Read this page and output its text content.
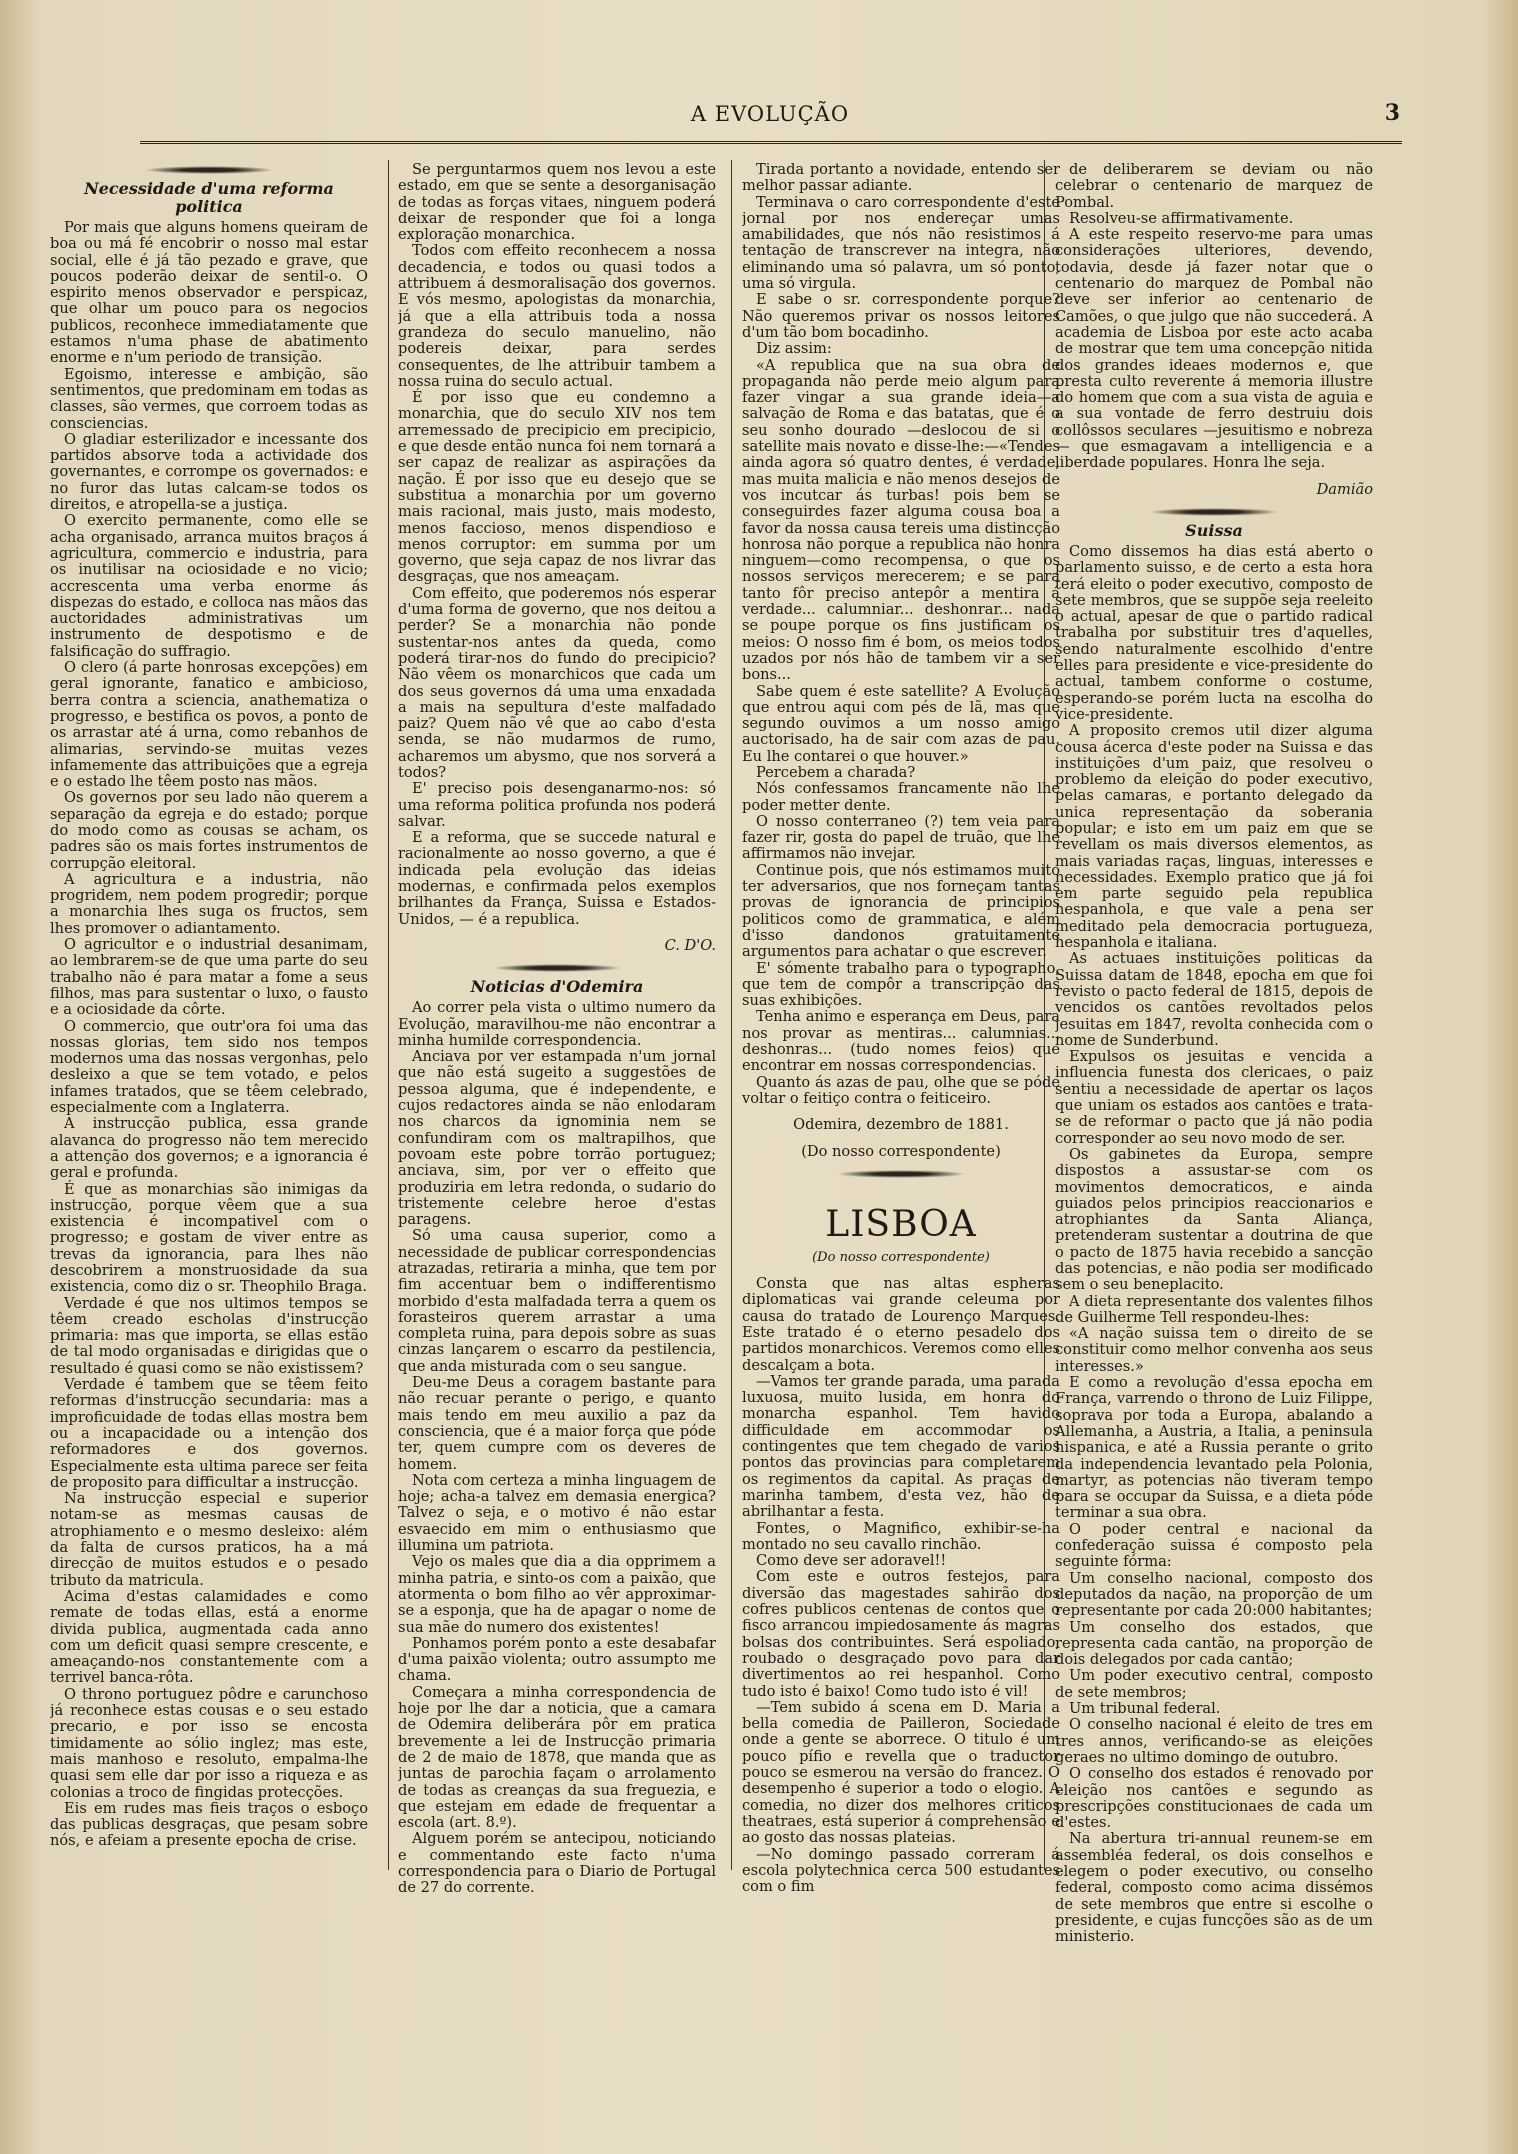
A EVOLUÇÃO	3
Necessidade d'uma reforma politica

Por mais que alguns homens queiram de boa ou má fé encobrir o nosso mal estar social, elle é já tão pezado e grave, que poucos poderão deixar de sentil-o. O espirito menos observador e perspicaz, que olhar um pouco para os negocios publicos, reconhece immediatamente que estamos n'uma phase de abatimento enorme e n'um periodo de transição.

Egoismo, interesse e ambição, são sentimentos, que predominam em todas as classes, são vermes, que corroem todas as consciencias.

O gladiar esterilizador e incessante dos partidos absorve toda a actividade dos governantes, e corrompe os governados: e no furor das lutas calcam-se todos os direitos, e atropella-se a justiça.

O exercito permanente, como elle se acha organisado, arranca muitos braços á agricultura, commercio e industria, para os inutilisar na ociosidade e no vicio; accrescenta uma verba enorme ás dispezas do estado, e colloca nas mãos das auctoridades administrativas um instrumento de despotismo e de falsificação do suffragio.

O clero (á parte honrosas excepções) em geral ignorante, fanatico e ambicioso, berra contra a sciencia, anathematiza o progresso, e bestifica os povos, a ponto de os arrastar até á urna, como rebanhos de alimarias, servindo-se muitas vezes infamemente das attribuições que a egreja e o estado lhe têem posto nas mãos.

Os governos por seu lado não querem a separação da egreja e do estado; porque do modo como as cousas se acham, os padres são os mais fortes instrumentos de corrupção eleitoral.

A agricultura e a industria, não progridem, nem podem progredir; porque a monarchia lhes suga os fructos, sem lhes promover o adiantamento.

O agricultor e o industrial desanimam, ao lembrarem-se de que uma parte do seu trabalho não é para matar a fome a seus filhos, mas para sustentar o luxo, o fausto e a ociosidade da côrte.

O commercio, que outr'ora foi uma das nossas glorias, tem sido nos tempos modernos uma das nossas vergonhas, pelo desleixo a que se tem votado, e pelos infames tratados, que se têem celebrado, especialmente com a Inglaterra.

A instrucção publica, essa grande alavanca do progresso não tem merecido a attenção dos governos; e a ignorancia é geral e profunda.

É que as monarchias são inimigas da instrucção, porque vêem que a sua existencia é incompativel com o progresso; e gostam de viver entre as trevas da ignorancia, para lhes não descobrirem a monstruosidade da sua existencia, como diz o sr. Theophilo Braga.

Verdade é que nos ultimos tempos se têem creado escholas d'instrucção primaria: mas que importa, se ellas estão de tal modo organisadas e dirigidas que o resultado é quasi como se não existissem?

Verdade é tambem que se têem feito reformas d'instrucção secundaria: mas a improficuidade de todas ellas mostra bem ou a incapacidade ou a intenção dos reformadores e dos governos. Especialmente esta ultima parece ser feita de proposito para difficultar a instrucção.

Na instrucção especial e superior notam-se as mesmas causas de atrophiamento e o mesmo desleixo: além da falta de cursos praticos, ha a má direcção de muitos estudos e o pesado tributo da matricula.

Acima d'estas calamidades e como remate de todas ellas, está a enorme divida publica, augmentada cada anno com um deficit quasi sempre crescente, e ameaçando-nos constantemente com a terrivel banca-rôta.

O throno portuguez pôdre e carunchoso já reconhece estas cousas e o seu estado precario, e por isso se encosta timidamente ao sólio inglez; mas este, mais manhoso e resoluto, empalma-lhe quasi sem elle dar por isso a riqueza e as colonias a troco de fingidas protecções.

Eis em rudes mas fieis traços o esboço das publicas desgraças, que pesam sobre nós, e afeiam a presente epocha de crise.

Se perguntarmos quem nos levou a este estado, em que se sente a desorganisação de todas as forças vitaes, ninguem poderá deixar de responder que foi a longa exploração monarchica.

Todos com effeito reconhecem a nossa decadencia, e todos ou quasi todos a attribuem á desmoralisação dos governos. E vós mesmo, apologistas da monarchia, já que a ella attribuis toda a nossa grandeza do seculo manuelino, não podereis deixar, para serdes consequentes, de lhe attribuir tambem a nossa ruina do seculo actual.

É por isso que eu condemno a monarchia, que do seculo XIV nos tem arremessado de precipicio em precipicio, e que desde então nunca foi nem tornará a ser capaz de realizar as aspirações da nação. É por isso que eu desejo que se substitua a monarchia por um governo mais racional, mais justo, mais modesto, menos faccioso, menos dispendioso e menos corruptor: em summa por um governo, que seja capaz de nos livrar das desgraças, que nos ameaçam.

Com effeito, que poderemos nós esperar d'uma forma de governo, que nos deitou a perder? Se a monarchia não ponde sustentar-nos antes da queda, como poderá tirar-nos do fundo do precipicio? Não vêem os monarchicos que cada um dos seus governos dá uma uma enxadada a mais na sepultura d'este malfadado paiz? Quem não vê que ao cabo d'esta senda, se não mudarmos de rumo, acharemos um abysmo, que nos sorverá a todos?

E' preciso pois desenganarmo-nos: só uma reforma politica profunda nos poderá salvar.

E a reforma, que se succede natural e racionalmente ao nosso governo, a que é indicada pela evolução das ideias modernas, e confirmada pelos exemplos brilhantes da França, Suissa e Estados-Unidos, — é a republica.

C. D'O.

Noticias d'Odemira

Ao correr pela vista o ultimo numero da Evolução, maravilhou-me não encontrar a minha humilde correspondencia.

Anciava por ver estampada n'um jornal que não está sugeito a suggestões de pessoa alguma, que é independente, e cujos redactores ainda se não enlodaram nos charcos da ignominia nem se confundiram com os maltrapilhos, que povoam este pobre torrão portuguez; anciava, sim, por ver o effeito que produziria em letra redonda, o sudario do tristemente celebre heroe d'estas paragens.

Só uma causa superior, como a necessidade de publicar correspondencias atrazadas, retiraria a minha, que tem por fim accentuar bem o indifferentismo morbido d'esta malfadada terra a quem os forasteiros querem arrastar a uma completa ruina, para depois sobre as suas cinzas lançarem o escarro da pestilencia, que anda misturada com o seu sangue.

Deu-me Deus a coragem bastante para não recuar perante o perigo, e quanto mais tendo em meu auxilio a paz da consciencia, que é a maior força que póde ter, quem cumpre com os deveres de homem.

Nota com certeza a minha linguagem de hoje; acha-a talvez em demasia energica? Talvez o seja, e o motivo é não estar esvaecido em mim o enthusiasmo que illumina um patriota.

Vejo os males que dia a dia opprimem a minha patria, e sinto-os com a paixão, que atormenta o bom filho ao vêr approximar-se a esponja, que ha de apagar o nome de sua mãe do numero dos existentes!

Ponhamos porém ponto a este desabafar d'uma paixão violenta; outro assumpto me chama.

Começara a minha correspondencia de hoje por lhe dar a noticia, que a camara de Odemira deliberára pôr em pratica brevemente a lei de Instrucção primaria de 2 de maio de 1878, que manda que as juntas de parochia façam o arrolamento de todas as creanças da sua freguezia, e que estejam em edade de frequentar a escola (art. 8.º).

Alguem porém se antecipou, noticiando e commentando este facto n'uma correspondencia para o Diario de Portugal de 27 do corrente.

Tirada portanto a novidade, entendo ser melhor passar adiante.

Terminava o caro correspondente d'este jornal por nos endereçar umas amabilidades, que nós não resistimos á tentação de transcrever na integra, não eliminando uma só palavra, um só ponto, uma só virgula.

E sabe o sr. correspondente porque? Não queremos privar os nossos leitores d'um tão bom bocadinho.

Diz assim:

«A republica que na sua obra de propaganda não perde meio algum para fazer vingar a sua grande ideia—a salvação de Roma e das batatas, que é o seu sonho dourado —deslocou de si o satellite mais novato e disse-lhe:—«Tendes ainda agora só quatro dentes, é verdade, mas muita malicia e não menos desejos de vos incutcar ás turbas! pois bem se conseguirdes fazer alguma cousa boa a favor da nossa causa tereis uma distincção honrosa não porque a republica não honra ninguem—como recompensa, o que os nossos serviços merecerem; e se para tanto fôr preciso antepôr a mentira á verdade... calumniar... deshonrar... nada se poupe porque os fins justificam os meios: O nosso fim é bom, os meios todos uzados por nós hão de tambem vir a ser bons...

Sabe quem é este satellite? A Evolução que entrou aqui com pés de lã, mas que segundo ouvimos a um nosso amigo auctorisado, ha de sair com azas de pau. Eu lhe contarei o que houver.»

Percebem a charada?

Nós confessamos francamente não lhe poder metter dente.

O nosso conterraneo (?) tem veia para fazer rir, gosta do papel de truão, que lhe affirmamos não invejar.

Continue pois, que nós estimamos muito ter adversarios, que nos forneçam tantas provas de ignorancia de principios politicos como de grammatica, e além d'isso dandonos gratuitamente argumentos para achatar o que escrever.

E' sómente trabalho para o typographo, que tem de compôr a transcripção das suas exhibições.

Tenha animo e esperança em Deus, para nos provar as mentiras... calumnias... deshonras... (tudo nomes feios) que encontrar em nossas correspondencias.

Quanto ás azas de pau, olhe que se póde voltar o feitiço contra o feiticeiro.

Odemira, dezembro de 1881.

(Do nosso correspondente)

LISBOA
(Do nosso correspondente)

Consta que nas altas espheras diplomaticas vai grande celeuma por causa do tratado de Lourenço Marques. Este tratado é o eterno pesadelo dos partidos monarchicos. Veremos como elles descalçam a bota.

—Vamos ter grande parada, uma parada luxuosa, muito lusida, em honra do monarcha espanhol. Tem havido difficuldade em accommodar os contingentes que tem chegado de varios pontos das provincias para completarem os regimentos da capital. As praças de marinha tambem, d'esta vez, hão de abrilhantar a festa.

Fontes, o Magnifico, exhibir-se-ha montado no seu cavallo rinchão.

Como deve ser adoravel!!

Com este e outros festejos, para diversão das magestades sahirão dos cofres publicos centenas de contos que o fisco arrancou impiedosamente ás magras bolsas dos contribuintes. Será espoliado, roubado o desgraçado povo para dar divertimentos ao rei hespanhol. Como tudo isto é baixo! Como tudo isto é vil!

—Tem subido á scena em D. Maria a bella comedia de Pailleron, Sociedade onde a gente se aborrece. O titulo é um pouco pífio e revella que o traductor pouco se esmerou na versão do francez. O desempenho é superior a todo o elogio. A comedia, no dizer dos melhores criticos theatraes, está superior á comprehensão e ao gosto das nossas plateias.

—No domingo passado correram á escola polytechnica cerca 500 estudantes com o fim

de deliberarem se deviam ou não celebrar o centenario de marquez de Pombal.

Resolveu-se affirmativamente.

A este respeito reservo-me para umas considerações ulteriores, devendo, todavia, desde já fazer notar que o centenario do marquez de Pombal não deve ser inferior ao centenario de Camões, o que julgo que não succederá. A academia de Lisboa por este acto acaba de mostrar que tem uma concepção nitida dos grandes ideaes modernos e, que presta culto reverente á memoria illustre do homem que com a sua vista de aguia e a sua vontade de ferro destruiu dois collôssos seculares —jesuitismo e nobreza— que esmagavam a intelligencia e a liberdade populares. Honra lhe seja.

Damião

Suissa

Como dissemos ha dias está aberto o parlamento suisso, e de certo a esta hora terá eleito o poder executivo, composto de sete membros, que se suppõe seja reeleito o actual, apesar de que o partido radical trabalha por substituir tres d'aquelles, sendo naturalmente escolhido d'entre elles para presidente e vice-presidente do actual, tambem conforme o costume, esperando-se porém lucta na escolha do vice-presidente.

A proposito cremos util dizer alguma cousa ácerca d'este poder na Suissa e das instituições d'um paiz, que resolveu o problemo da eleição do poder executivo, pelas camaras, e portanto delegado da unica representação da soberania popular; e isto em um paiz em que se revellam os mais diversos elementos, as mais variadas raças, linguas, interesses e necessidades. Exemplo pratico que já foi em parte seguido pela republica hespanhola, e que vale a pena ser meditado pela democracia portugueza, hespanhola e italiana.

As actuaes instituições politicas da Suissa datam de 1848, epocha em que foi revisto o pacto federal de 1815, depois de vencidos os cantões revoltados pelos jesuitas em 1847, revolta conhecida com o nome de Sunderbund.

Expulsos os jesuitas e vencida a influencia funesta dos clericaes, o paiz sentiu a necessidade de apertar os laços que uniam os estados aos cantões e trata-se de reformar o pacto que já não podia corresponder ao seu novo modo de ser.

Os gabinetes da Europa, sempre dispostos a assustar-se com os movimentos democraticos, e ainda guiados pelos principios reaccionarios e atrophiantes da Santa Aliança, pretenderam sustentar a doutrina de que o pacto de 1875 havia recebido a sancção das potencias, e não podia ser modificado sem o seu beneplacito.

A dieta representante dos valentes filhos de Guilherme Tell respondeu-lhes:

«A nação suissa tem o direito de se constituir como melhor convenha aos seus interesses.»

E como a revolução d'essa epocha em França, varrendo o throno de Luiz Filippe, soprava por toda a Europa, abalando a Allemanha, a Austria, a Italia, a peninsula hispanica, e até a Russia perante o grito da independencia levantado pela Polonia, martyr, as potencias não tiveram tempo para se occupar da Suissa, e a dieta póde terminar a sua obra.

O poder central e nacional da confederação suissa é composto pela seguinte fórma:

Um conselho nacional, composto dos deputados da nação, na proporção de um representante por cada 20:000 habitantes;

Um conselho dos estados, que representa cada cantão, na proporção de dois delegados por cada cantão;

Um poder executivo central, composto de sete membros;

Um tribunal federal.

O conselho nacional é eleito de tres em tres annos, verificando-se as eleições geraes no ultimo domingo de outubro.

O conselho dos estados é renovado por eleição nos cantões e segundo as prescripções constitucionaes de cada um d'estes.

Na abertura tri-annual reunem-se em assembléa federal, os dois conselhos e elegem o poder executivo, ou conselho federal, composto como acima dissémos de sete membros que entre si escolhe o presidente, e cujas funcções são as de um ministerio.
